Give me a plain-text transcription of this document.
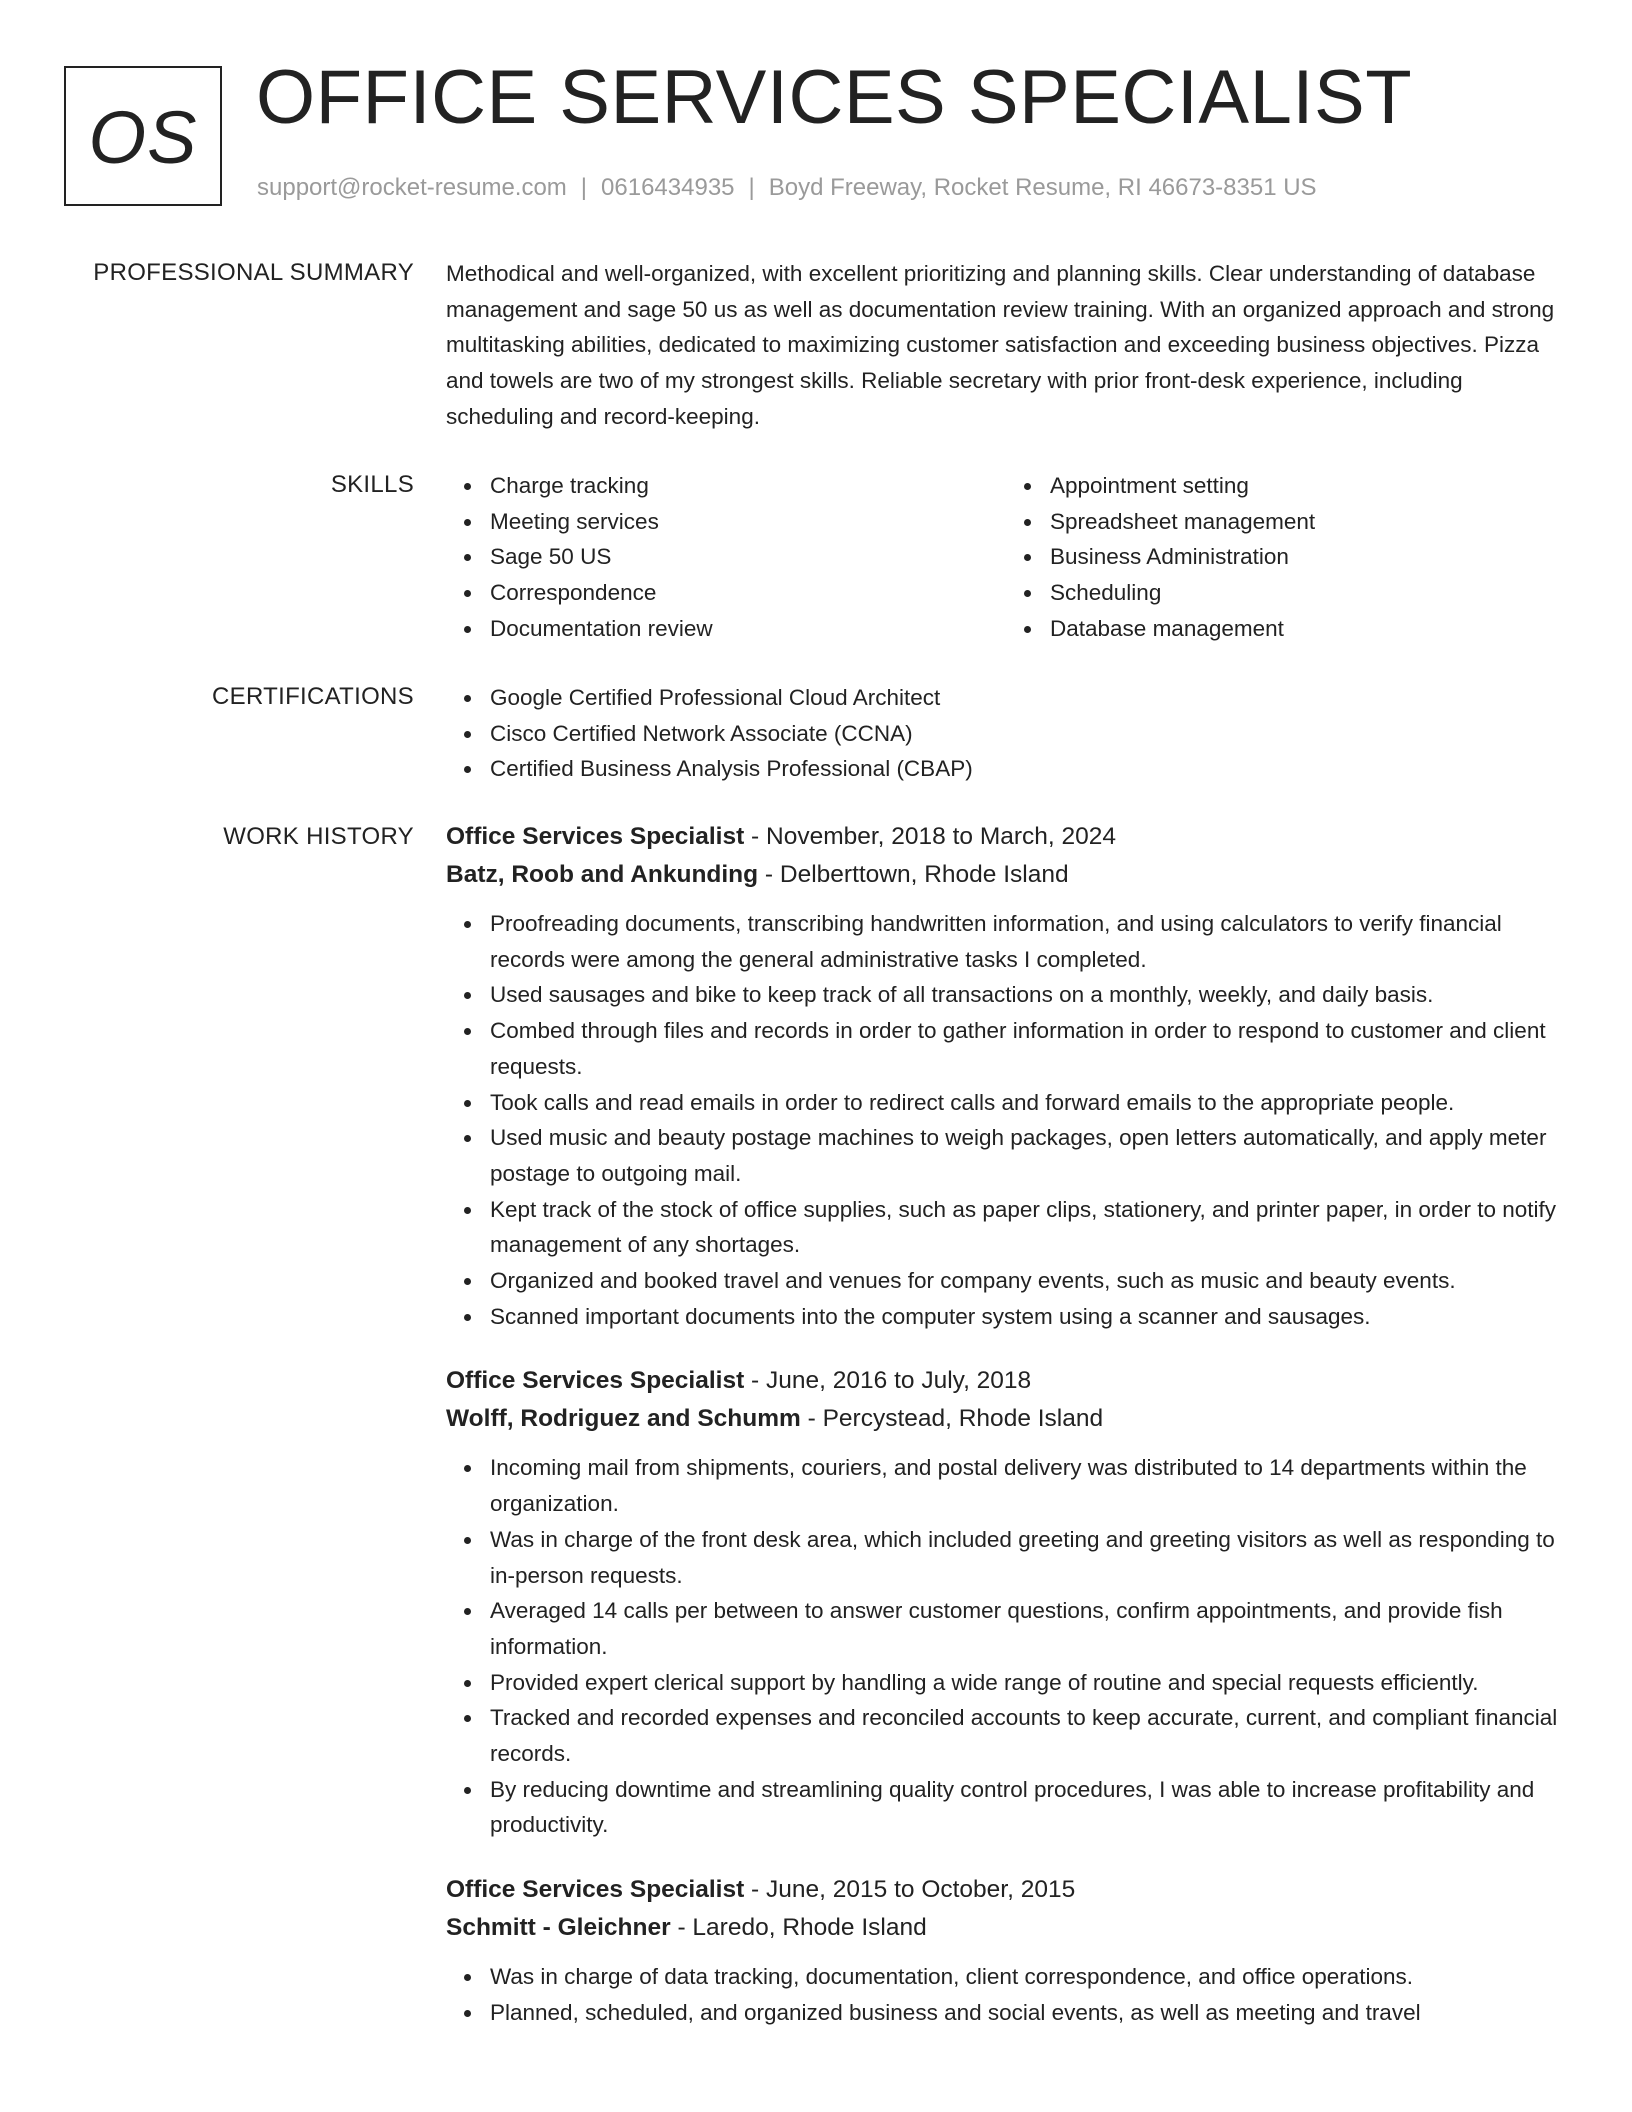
OS OFFICE SERVICES SPECIALIST
support@rocket-resume.com | 0616434935 | Boyd Freeway, Rocket Resume, RI 46673-8351 US
PROFESSIONAL SUMMARY Methodical and well-organized, with excellent prioritizing and planning skills. Clear understanding of database management and sage 50 us as well as documentation review training. With an organized approach and strong multitasking abilities, dedicated to maximizing customer satisfaction and exceeding business objectives. Pizza and towels are two of my strongest skills. Reliable secretary with prior front-desk experience, including scheduling and record-keeping.
SKILLS	Charge tracking
Meeting services
Sage 50 US
Correspondence
Documentation review
Appointment setting
Spreadsheet management
Business Administration
Scheduling
Database management
CERTIFICATIONS	Google Certified Professional Cloud Architect
Cisco Certified Network Associate (CCNA)
Certified Business Analysis Professional (CBAP)
WORK HISTORY Office Services Specialist - November, 2018 to March, 2024
Batz, Roob and Ankunding - Delberttown, Rhode Island
Proofreading documents, transcribing handwritten information, and using calculators to verify financial records were among the general administrative tasks I completed.
Used sausages and bike to keep track of all transactions on a monthly, weekly, and daily basis.
Combed through files and records in order to gather information in order to respond to customer and client requests.
Took calls and read emails in order to redirect calls and forward emails to the appropriate people.
Used music and beauty postage machines to weigh packages, open letters automatically, and apply meter postage to outgoing mail.
Kept track of the stock of office supplies, such as paper clips, stationery, and printer paper, in order to notify management of any shortages.
Organized and booked travel and venues for company events, such as music and beauty events.
Scanned important documents into the computer system using a scanner and sausages.
Office Services Specialist - June, 2016 to July, 2018
Wolff, Rodriguez and Schumm - Percystead, Rhode Island
Incoming mail from shipments, couriers, and postal delivery was distributed to 14 departments within the organization.
Was in charge of the front desk area, which included greeting and greeting visitors as well as responding to in-person requests.
Averaged 14 calls per between to answer customer questions, confirm appointments, and provide fish information.
Provided expert clerical support by handling a wide range of routine and special requests efficiently.
Tracked and recorded expenses and reconciled accounts to keep accurate, current, and compliant financial records.
By reducing downtime and streamlining quality control procedures, I was able to increase profitability and productivity.
Office Services Specialist - June, 2015 to October, 2015
Schmitt - Gleichner - Laredo, Rhode Island
Was in charge of data tracking, documentation, client correspondence, and office operations.
Planned, scheduled, and organized business and social events, as well as meeting and travel
